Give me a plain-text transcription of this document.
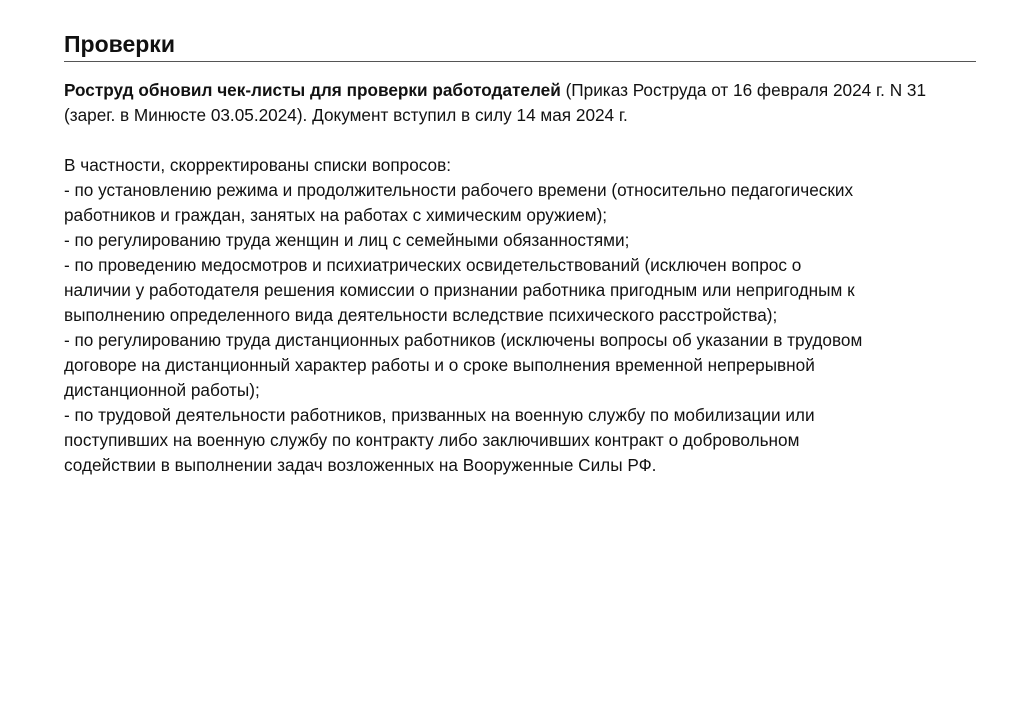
Проверки

Роструд обновил чек-листы для проверки работодателей (Приказ Роструда от 16 февраля 2024 г. N 31 (зарег. в Минюсте 03.05.2024). Документ вступил в силу 14 мая 2024 г.

В частности, скорректированы списки вопросов:
- по установлению режима и продолжительности рабочего времени (относительно педагогических
работников и граждан, занятых на работах с химическим оружием);
- по регулированию труда женщин и лиц с семейными обязанностями;
- по проведению медосмотров и психиатрических освидетельствований (исключен вопрос о
наличии у работодателя решения комиссии о признании работника пригодным или непригодным к
выполнению определенного вида деятельности вследствие психического расстройства);
- по регулированию труда дистанционных работников (исключены вопросы об указании в трудовом
договоре на дистанционный характер работы и о сроке выполнения временной непрерывной
дистанционной работы);
- по трудовой деятельности работников, призванных на военную службу по мобилизации или
поступивших на военную службу по контракту либо заключивших контракт о добровольном
содействии в выполнении задач возложенных на Вооруженные Силы РФ.
